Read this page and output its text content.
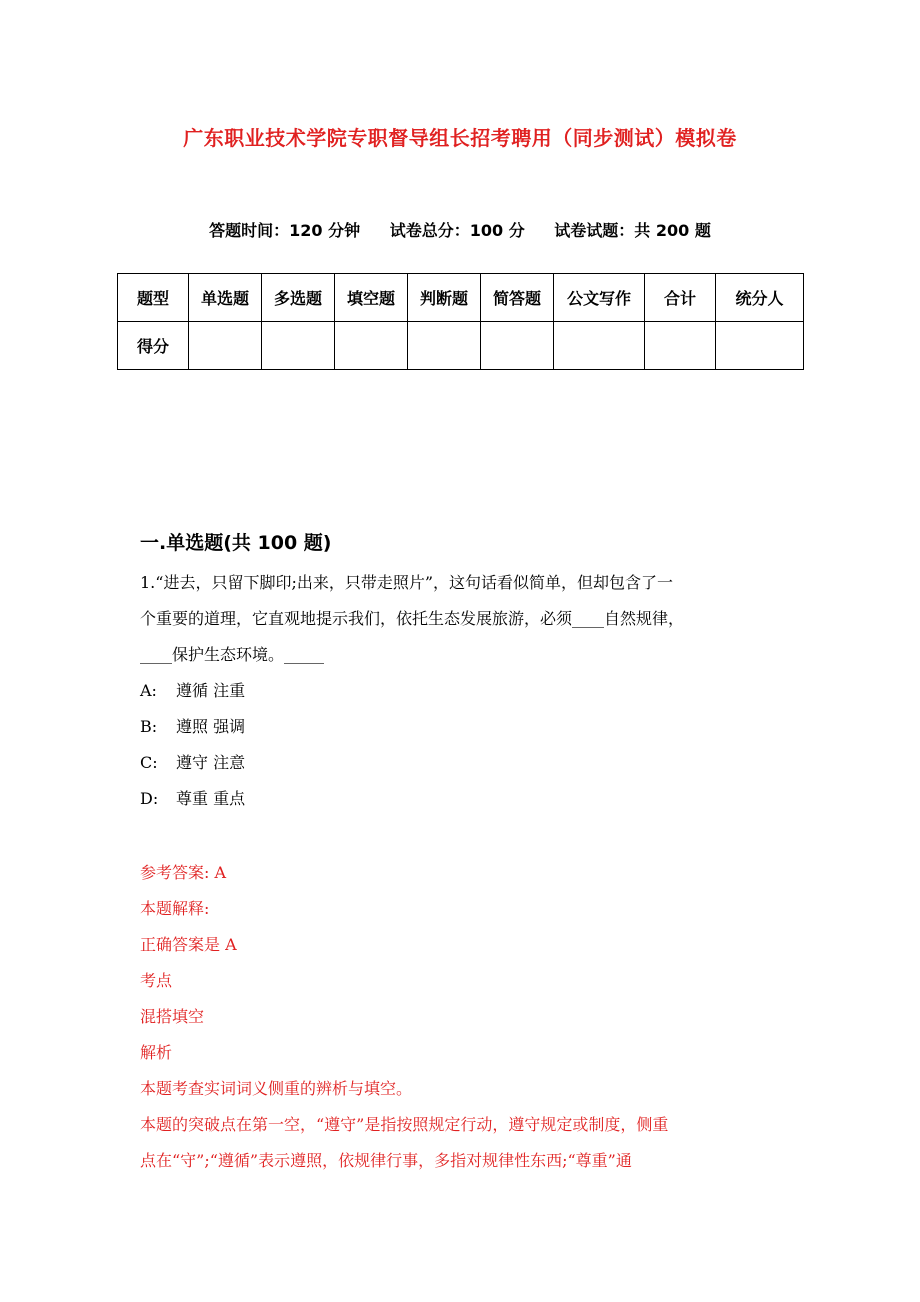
广东职业技术学院专职督导组长招考聘用（同步测试）模拟卷
答题时间：120 分钟 试卷总分：100 分 试卷试题：共 200 题
题型	单选题	多选题	填空题	判断题	简答题	公文写作	合计	统分人
得分								
一.单选题(共 100 题)

1.“进去，只留下脚印;出来，只带走照片”，这句话看似简单，但却包含了一

个重要的道理，它直观地提示我们，依托生态发展旅游，必须____自然规律，

____保护生态环境。_____

A: 遵循 注重
B: 遵照 强调
C: 遵守 注意
D: 尊重 重点

参考答案: A

本题解释:

正确答案是 A

考点

混搭填空

解析

本题考查实词词义侧重的辨析与填空。

本题的突破点在第一空，“遵守”是指按照规定行动，遵守规定或制度，侧重

点在“守”;“遵循”表示遵照，依规律行事，多指对规律性东西;“尊重”通
